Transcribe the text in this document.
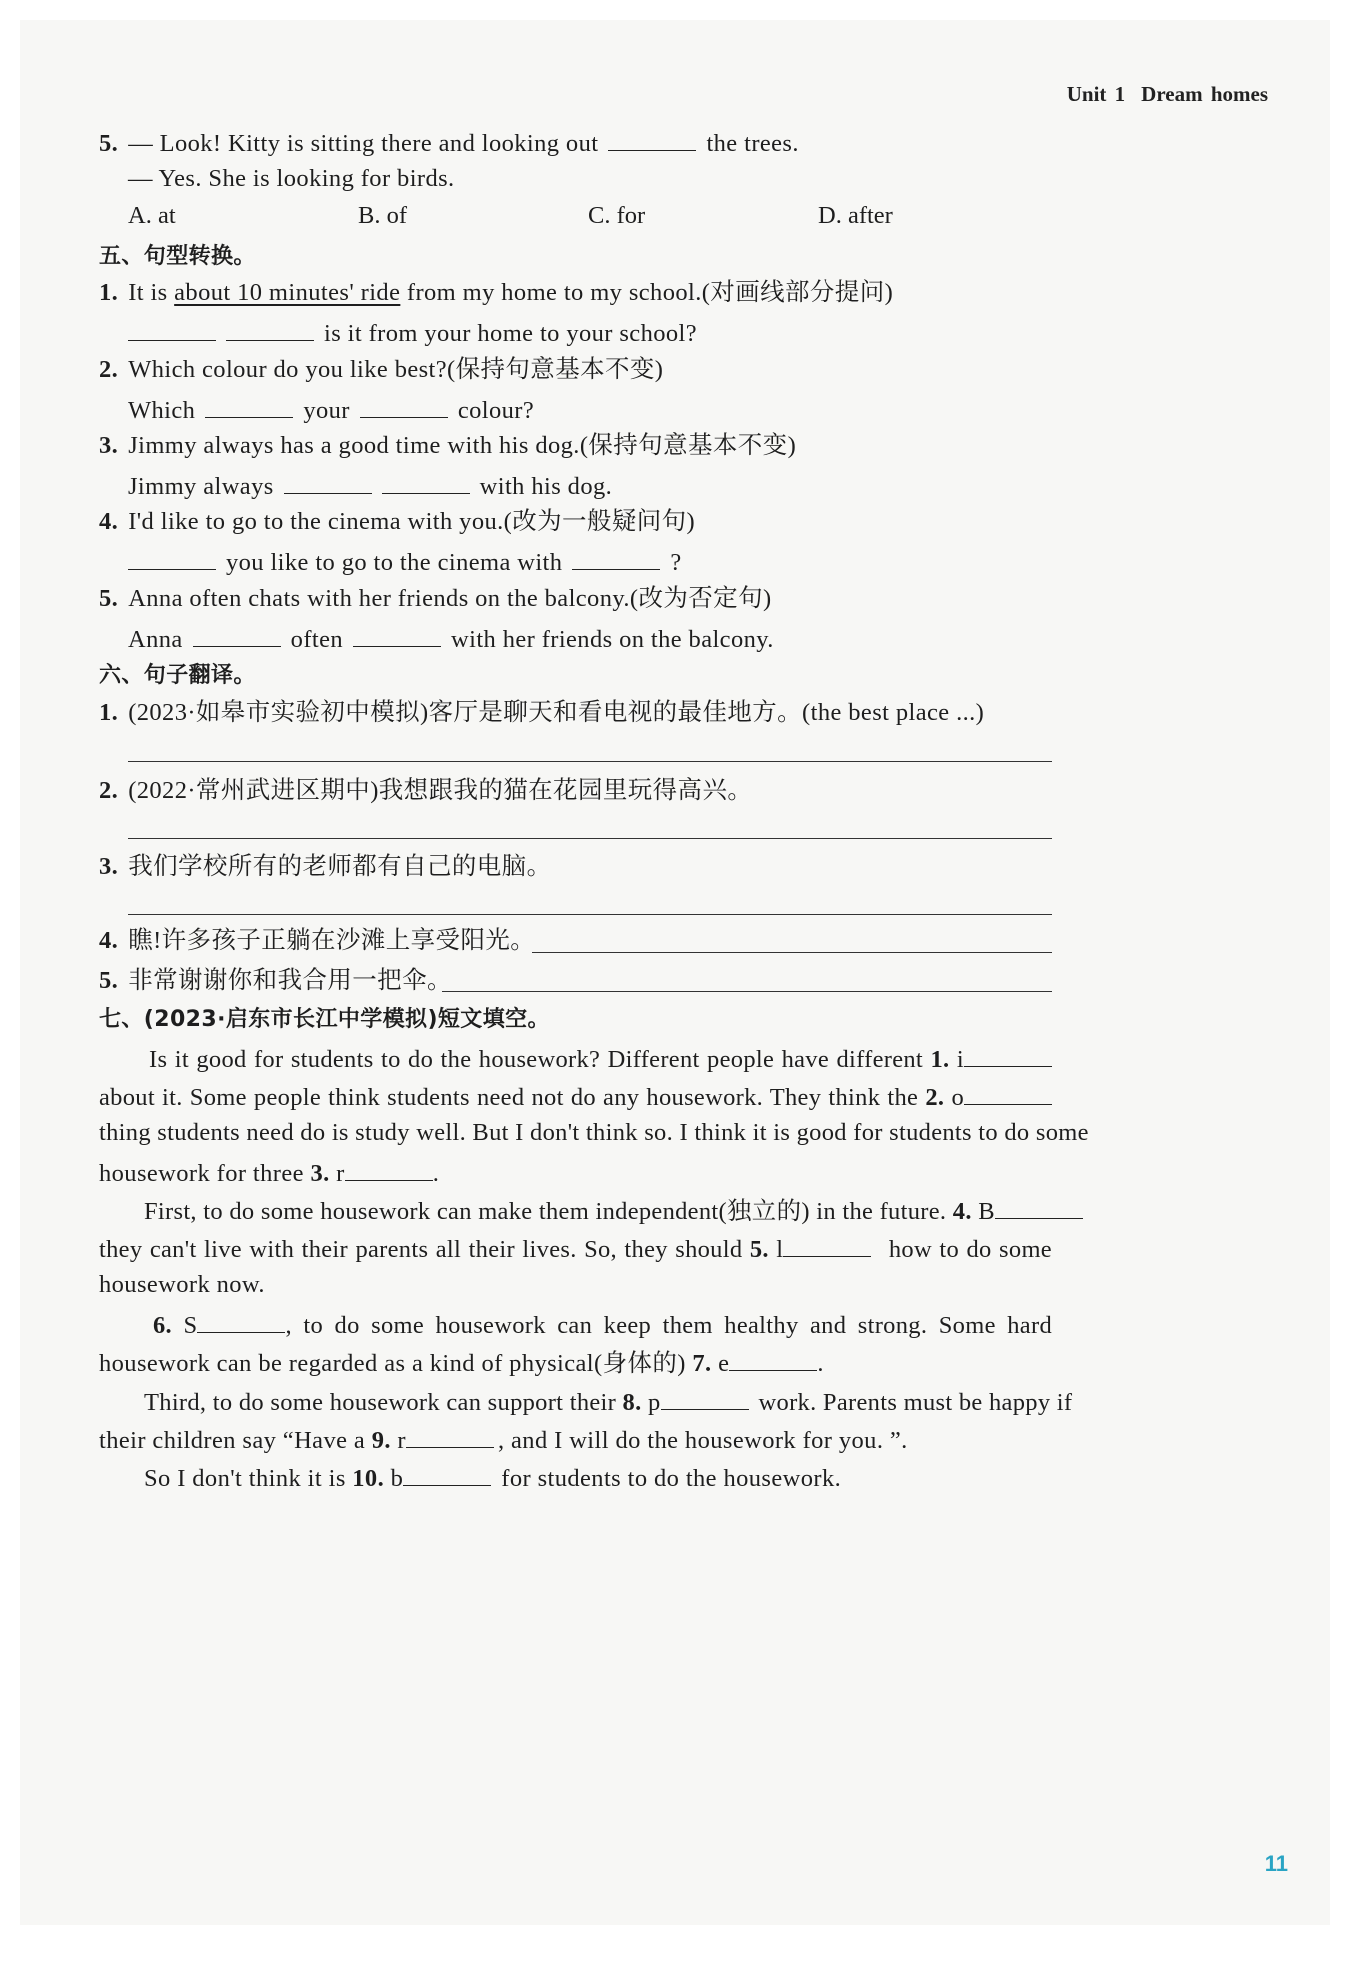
Unit 1 Dream homes
5. — Look! Kitty is sitting there and looking out	the trees.
— Yes. She is looking for birds.
A. at	B. of	C. for	D. after
五、句型转换。
1. It is about 10 minutes' ride from my home to my school.(对画线部分提问)
is it from your home to your school?
2. Which colour do you like best?(保持句意基本不变)
Which	your	colour?
3. Jimmy always has a good time with his dog.(保持句意基本不变)
Jimmy always	with his dog.
4. I'd like to go to the cinema with you.(改为一般疑问句)
you like to go to the cinema with	?
5. Anna often chats with her friends on the balcony.(改为否定句)
Anna	often	with her friends on the balcony.
六、句子翻译。
1. (2023·如皋市实验初中模拟)客厅是聊天和看电视的最佳地方。(the best place ...)
2. (2022·常州武进区期中)我想跟我的猫在花园里玩得高兴。
3. 我们学校所有的老师都有自己的电脑。
4. 瞧!许多孩子正躺在沙滩上享受阳光。
5. 非常谢谢你和我合用一把伞。
七、(2023·启东市长江中学模拟)短文填空。
Is it good for students to do the housework? Different people have different 1. i
about it. Some people think students need not do any housework. They think the 2. o
thing students need do is study well. But I don't think so. I think it is good for students to do some
housework for three 3. r	.
First, to do some housework can make them independent(独立的) in the future. 4. B
they can't live with their parents all their lives. So, they should 5. l	how to do some
housework now.
6. S	, to do some housework can keep them healthy and strong. Some hard
housework can be regarded as a kind of physical(身体的) 7. e	.
Third, to do some housework can support their 8. p	work. Parents must be happy if
their children say “Have a 9. r	, and I will do the housework for you. ”.
So I don't think it is 10. b	for students to do the housework.
11
